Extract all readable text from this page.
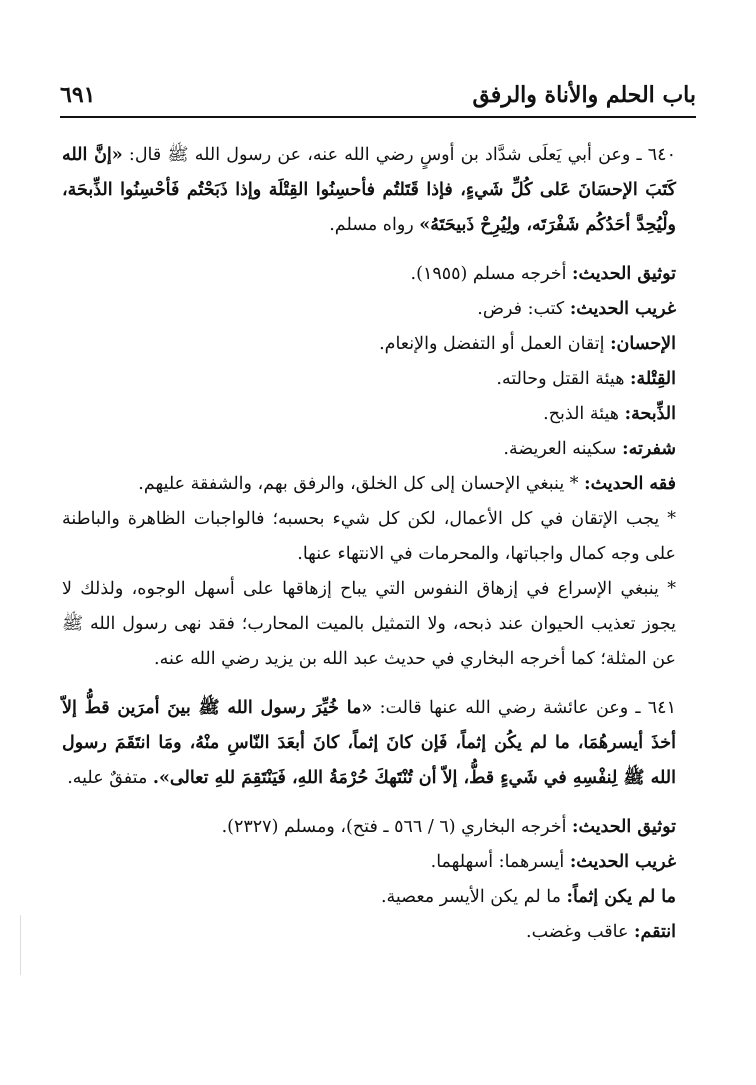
باب الحلم والأناة والرفق
٦٩١

٦٤٠ ـ وعن أبي يَعلَى شدَّاد بن أوسٍ رضي الله عنه، عن رسول الله ﷺ قال: «إنَّ الله كَتَبَ الإحسَانَ عَلى كُلِّ شَيءٍ، فإذا قَتَلتُم فأحسِنُوا القِتْلَة وإذا ذَبَحْتُم فَأحْسِنُوا الذِّبحَة، ولْيُحِدَّ أحَدُكُم شَفْرَتَه، ولِيُرِحْ ذَبيحَتَهُ» رواه مسلم.

توثيق الحديث: أخرجه مسلم (١٩٥٥).

غريب الحديث: كتب: فرض.

الإحسان: إتقان العمل أو التفضل والإنعام.

القِتْلة: هيئة القتل وحالته.

الذِّبحة: هيئة الذبح.

شفرته: سكينه العريضة.

فقه الحديث: * ينبغي الإحسان إلى كل الخلق، والرفق بهم، والشفقة عليهم.

* يجب الإتقان في كل الأعمال، لكن كل شيء بحسبه؛ فالواجبات الظاهرة والباطنة على وجه كمال واجباتها، والمحرمات في الانتهاء عنها.

* ينبغي الإسراع في إزهاق النفوس التي يباح إزهاقها على أسهل الوجوه، ولذلك لا يجوز تعذيب الحيوان عند ذبحه، ولا التمثيل بالميت المحارب؛ فقد نهى رسول الله ﷺ عن المثلة؛ كما أخرجه البخاري في حديث عبد الله بن يزيد رضي الله عنه.

٦٤١ ـ وعن عائشة رضي الله عنها قالت: «ما خُيِّرَ رسول الله ﷺ بينَ أمرَين قطُّ إلاّ أخذَ أيسرهُمَا، ما لم يكُن إثماً، فَإن كانَ إثماً، كانَ أبعَدَ النّاسِ منْهُ، ومَا انتَقَمَ رسول الله ﷺ لِنفْسِهِ في شَيءٍ قطُّ، إلاّ أن تُنْتَهكَ حُرْمَةُ اللهِ، فَيَنْتَقِمَ للهِ تعالى». متفقٌ عليه.

توثيق الحديث: أخرجه البخاري (٦ / ٥٦٦ ـ فتح)، ومسلم (٢٣٢٧).

غريب الحديث: أيسرهما: أسهلهما.

ما لم يكن إثماً: ما لم يكن الأيسر معصية.

انتقم: عاقب وغضب.
